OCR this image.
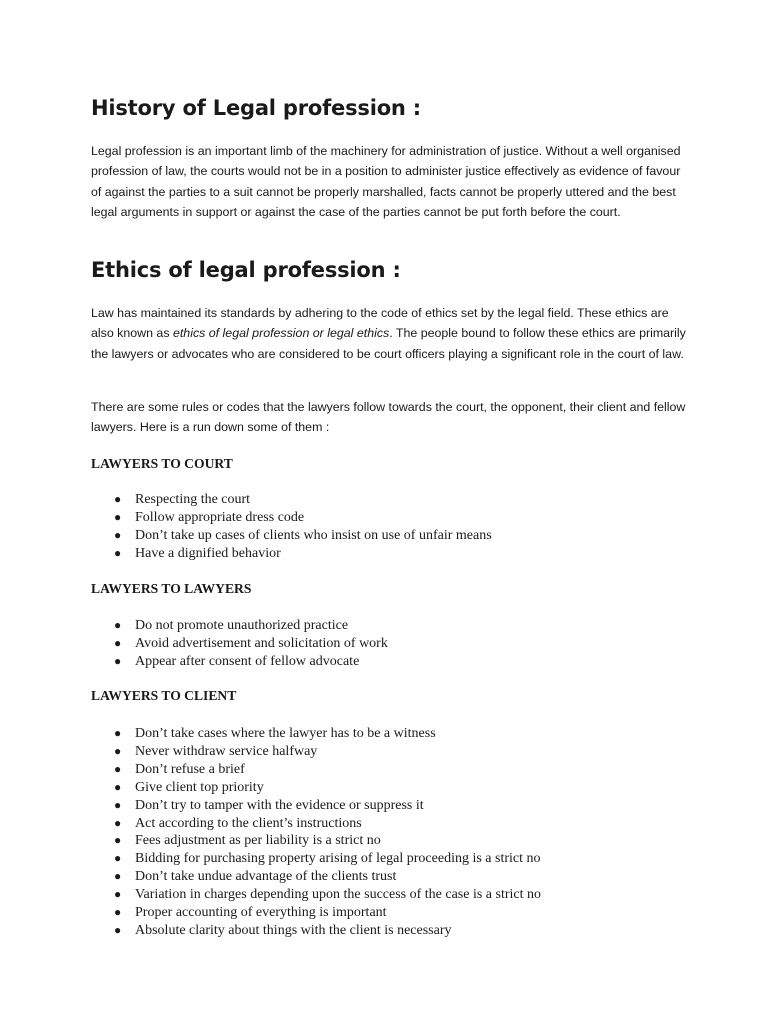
History of Legal profession :

Legal profession is an important limb of the machinery for administration of justice. Without a well organised profession of law, the courts would not be in a position to administer justice effectively as evidence of favour of against the parties to a suit cannot be properly marshalled, facts cannot be properly uttered and the best legal arguments in support or against the case of the parties cannot be put forth before the court.

Ethics of legal profession :

Law has maintained its standards by adhering to the code of ethics set by the legal field. These ethics are also known as ethics of legal profession or legal ethics. The people bound to follow these ethics are primarily the lawyers or advocates who are considered to be court officers playing a significant role in the court of law.

There are some rules or codes that the lawyers follow towards the court, the opponent, their client and fellow lawyers. Here is a run down some of them :

LAWYERS TO COURT
● Respecting the court
● Follow appropriate dress code
● Don’t take up cases of clients who insist on use of unfair means
● Have a dignified behavior
LAWYERS TO LAWYERS
● Do not promote unauthorized practice
● Avoid advertisement and solicitation of work
● Appear after consent of fellow advocate
LAWYERS TO CLIENT
● Don’t take cases where the lawyer has to be a witness
● Never withdraw service halfway
● Don’t refuse a brief
● Give client top priority
● Don’t try to tamper with the evidence or suppress it
● Act according to the client’s instructions
● Fees adjustment as per liability is a strict no
● Bidding for purchasing property arising of legal proceeding is a strict no
● Don’t take undue advantage of the clients trust
● Variation in charges depending upon the success of the case is a strict no
● Proper accounting of everything is important
● Absolute clarity about things with the client is necessary
